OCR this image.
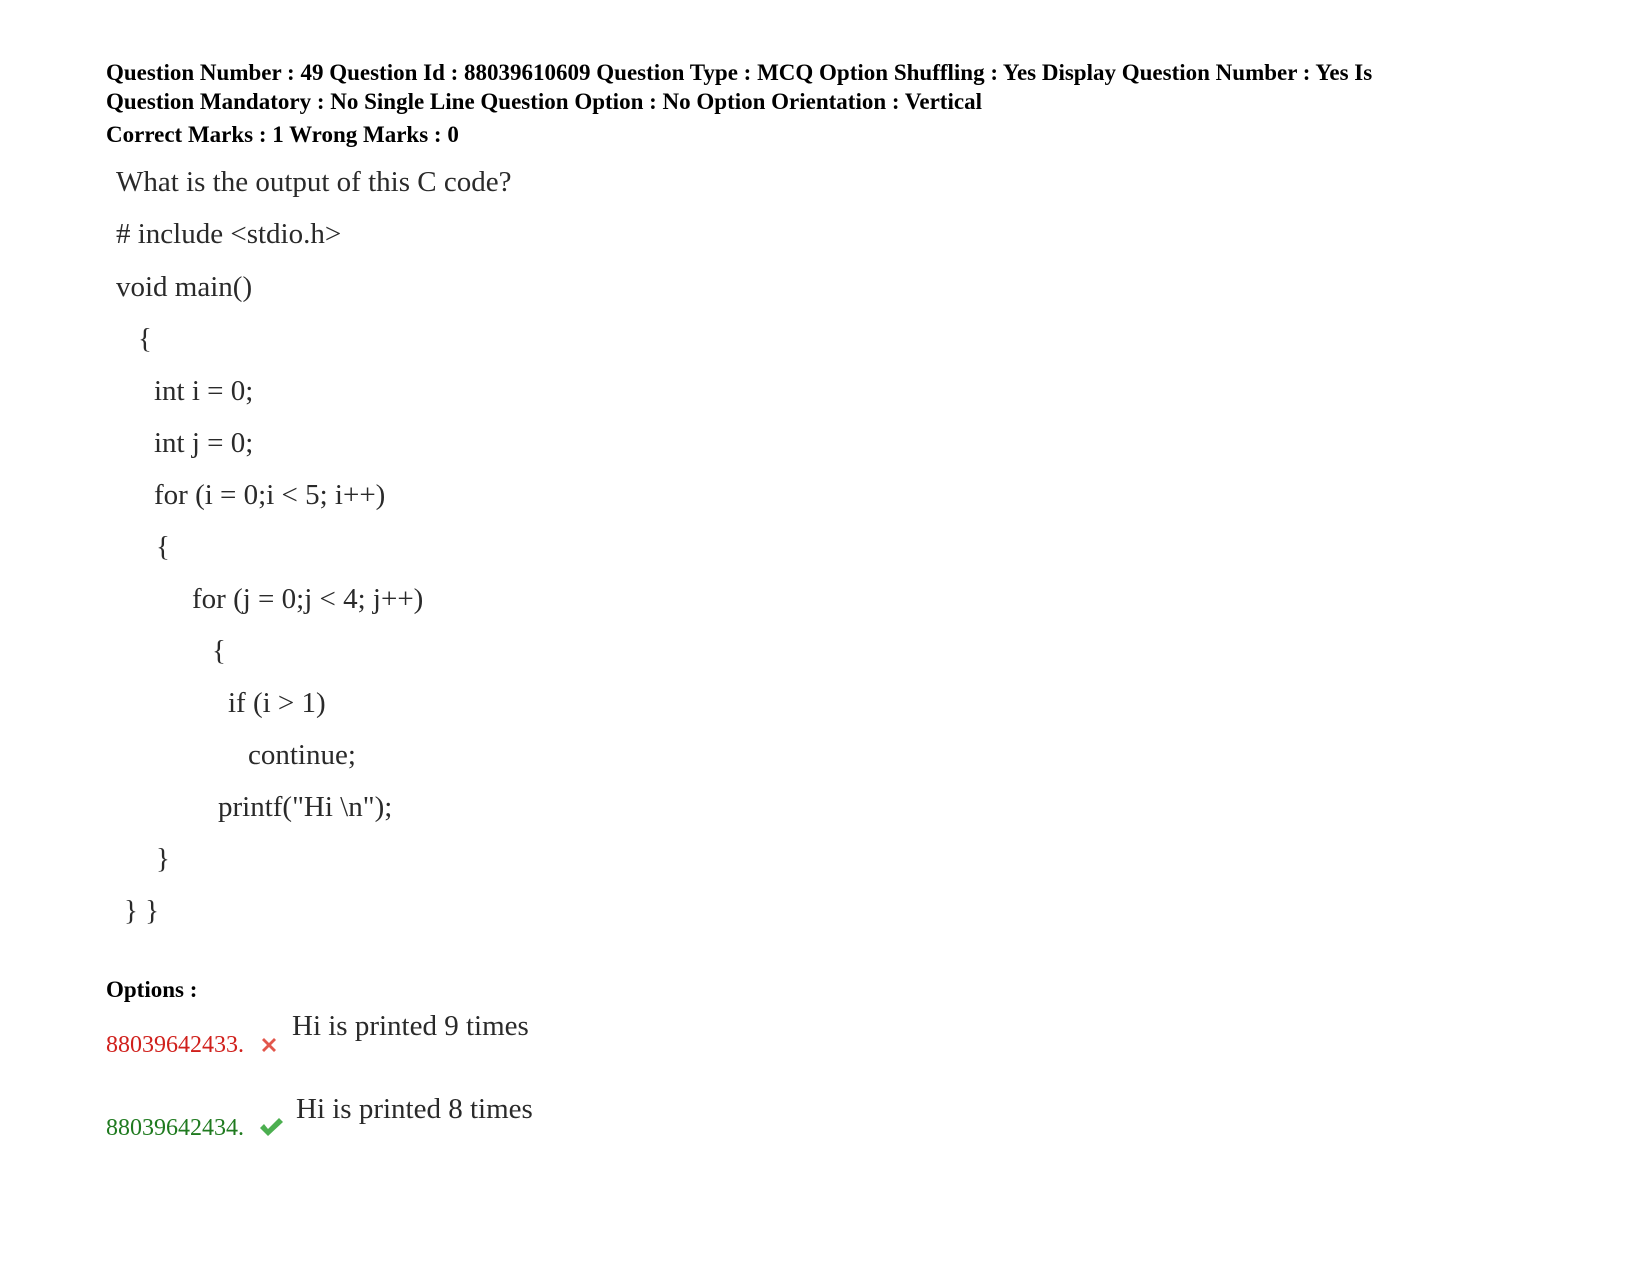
Question Number : 49 Question Id : 88039610609 Question Type : MCQ Option Shuffling : Yes Display Question Number : Yes Is
Question Mandatory : No Single Line Question Option : No Option Orientation : Vertical
Correct Marks : 1 Wrong Marks : 0
What is the output of this C code?
# include <stdio.h>
void main()
{
int i = 0;
int j = 0;
for (i = 0;i < 5; i++)
{
for (j = 0;j < 4; j++)
{
if (i > 1)
continue;
printf("Hi \n");
}
} }
Options :
88039642433.
Hi is printed 9 times
88039642434.
Hi is printed 8 times
